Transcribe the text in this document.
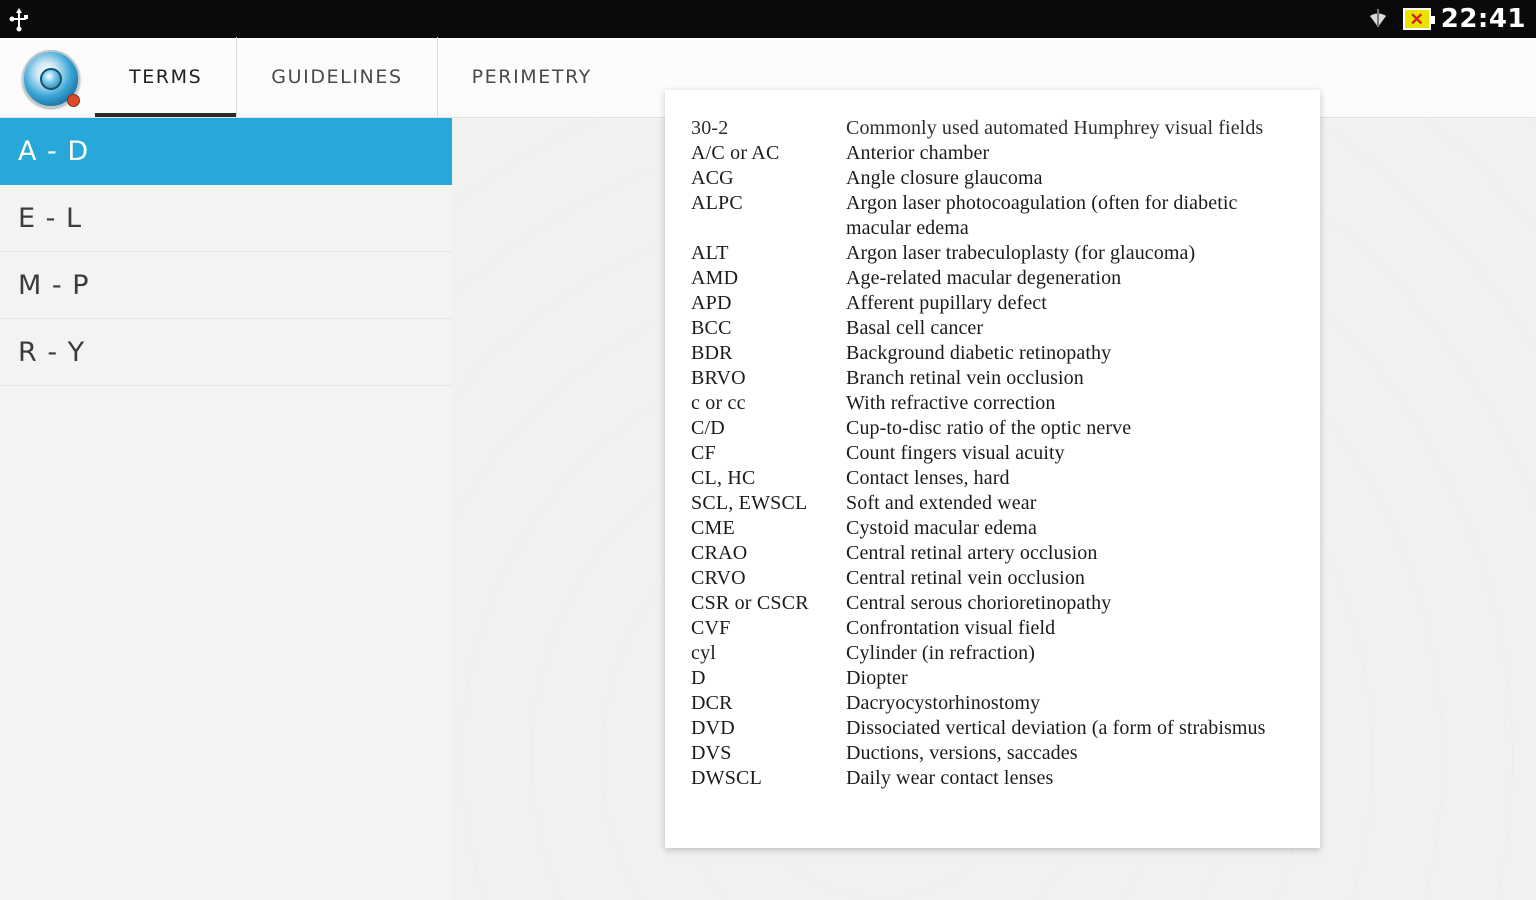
✕ 22:41
TERMS	GUIDELINES	PERIMETRY
A - D
E - L
M - P
R - Y
30-2	Commonly used automated Humphrey visual fields
A/C or AC	Anterior chamber
ACG	Angle closure glaucoma
ALPC	Argon laser photocoagulation (often for diabetic macular edema
ALT	Argon laser trabeculoplasty (for glaucoma)
AMD	Age-related macular degeneration
APD	Afferent pupillary defect
BCC	Basal cell cancer
BDR	Background diabetic retinopathy
BRVO	Branch retinal vein occlusion
c or cc	With refractive correction
C/D	Cup-to-disc ratio of the optic nerve
CF	Count fingers visual acuity
CL, HC	Contact lenses, hard
SCL, EWSCL	Soft and extended wear
CME	Cystoid macular edema
CRAO	Central retinal artery occlusion
CRVO	Central retinal vein occlusion
CSR or CSCR	Central serous chorioretinopathy
CVF	Confrontation visual field
cyl	Cylinder (in refraction)
D	Diopter
DCR	Dacryocystorhinostomy
DVD	Dissociated vertical deviation (a form of strabismus
DVS	Ductions, versions, saccades
DWSCL	Daily wear contact lenses
